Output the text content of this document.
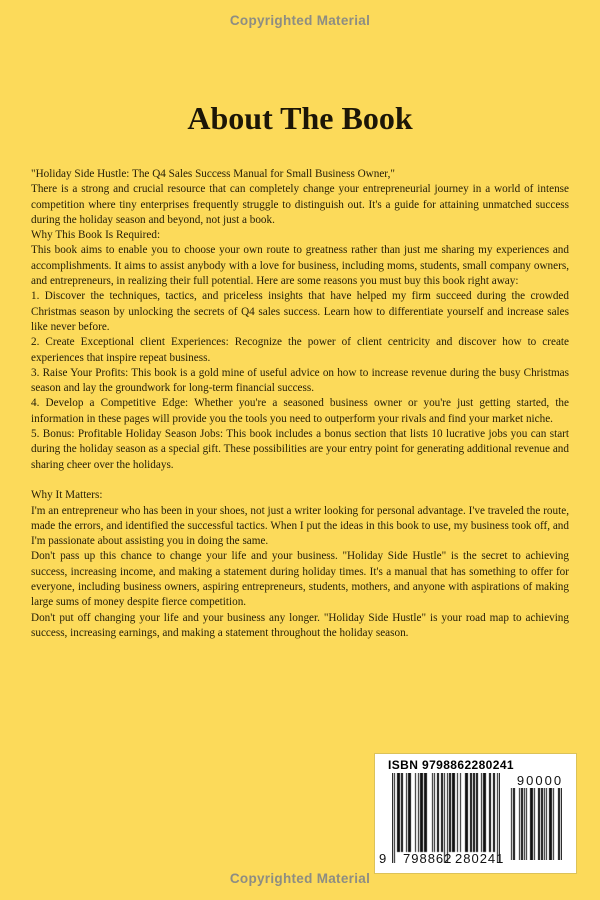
Copyrighted Material
About The Book

"Holiday Side Hustle: The Q4 Sales Success Manual for Small Business Owner,"

There is a strong and crucial resource that can completely change your entrepreneurial journey in a world of intense competition where tiny enterprises frequently struggle to distinguish out. It's a guide for attaining unmatched success during the holiday season and beyond, not just a book.

Why This Book Is Required:

This book aims to enable you to choose your own route to greatness rather than just me sharing my experiences and accomplishments. It aims to assist anybody with a love for business, including moms, students, small company owners, and entrepreneurs, in realizing their full potential. Here are some reasons you must buy this book right away:

1. Discover the techniques, tactics, and priceless insights that have helped my firm succeed during the crowded Christmas season by unlocking the secrets of Q4 sales success. Learn how to differentiate yourself and increase sales like never before.

2. Create Exceptional client Experiences: Recognize the power of client centricity and discover how to create experiences that inspire repeat business.

3. Raise Your Profits: This book is a gold mine of useful advice on how to increase revenue during the busy Christmas season and lay the groundwork for long-term financial success.

4. Develop a Competitive Edge: Whether you're a seasoned business owner or you're just getting started, the information in these pages will provide you the tools you need to outperform your rivals and find your market niche.

5. Bonus: Profitable Holiday Season Jobs: This book includes a bonus section that lists 10 lucrative jobs you can start during the holiday season as a special gift. These possibilities are your entry point for generating additional revenue and sharing cheer over the holidays.

Why It Matters:

I'm an entrepreneur who has been in your shoes, not just a writer looking for personal advantage. I've traveled the route, made the errors, and identified the successful tactics. When I put the ideas in this book to use, my business took off, and I'm passionate about assisting you in doing the same.

Don't pass up this chance to change your life and your business. "Holiday Side Hustle" is the secret to achieving success, increasing income, and making a statement during holiday times. It's a manual that has something to offer for everyone, including business owners, aspiring entrepreneurs, students, mothers, and anyone with aspirations of making large sums of money despite fierce competition.

Don't put off changing your life and your business any longer. "Holiday Side Hustle" is your road map to achieving success, increasing earnings, and making a statement throughout the holiday season.

ISBN 9798862280241
9 798862 280241
90000
Copyrighted Material
